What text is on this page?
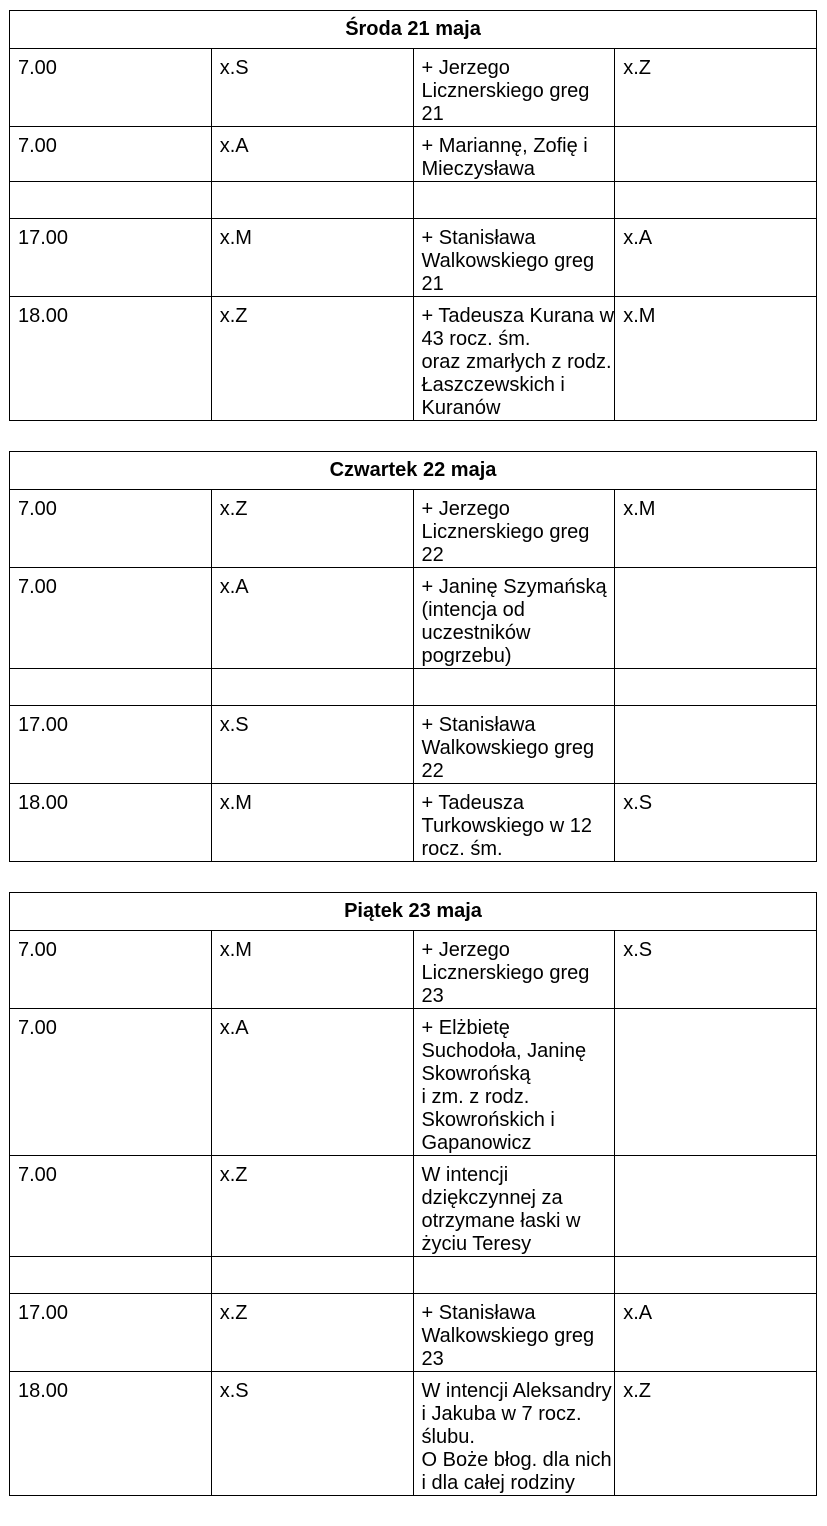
Środa 21 maja			
7.00	x.S	+ Jerzego Licznerskiego greg 21	x.Z
7.00	x.A	+ Mariannę, Zofię i Mieczysława	

17.00	x.M	+ Stanisława Walkowskiego greg 21	x.A
18.00	x.Z	+ Tadeusza Kurana w 43 rocz. śm.
oraz zmarłych z rodz. Łaszczewskich i Kuranów	x.M
Czwartek 22 maja			
7.00	x.Z	+ Jerzego Licznerskiego greg 22	x.M
7.00	x.A	+ Janinę Szymańską (intencja od uczestników pogrzebu)	

17.00	x.S	+ Stanisława Walkowskiego greg 22	

18.00	x.M	+ Tadeusza Turkowskiego w 12 rocz. śm.	x.S
Piątek 23 maja			
7.00	x.M	+ Jerzego Licznerskiego greg 23	x.S
7.00	x.A	+ Elżbietę Suchodoła, Janinę Skowrońską
i zm. z rodz. Skowrońskich i Gapanowicz	

7.00	x.Z	W intencji dziękczynnej za otrzymane łaski w życiu Teresy	

17.00	x.Z	+ Stanisława Walkowskiego greg 23	x.A
18.00	x.S	W intencji Aleksandry i Jakuba w 7 rocz. ślubu.
O Boże błog. dla nich i dla całej rodziny	x.Z
